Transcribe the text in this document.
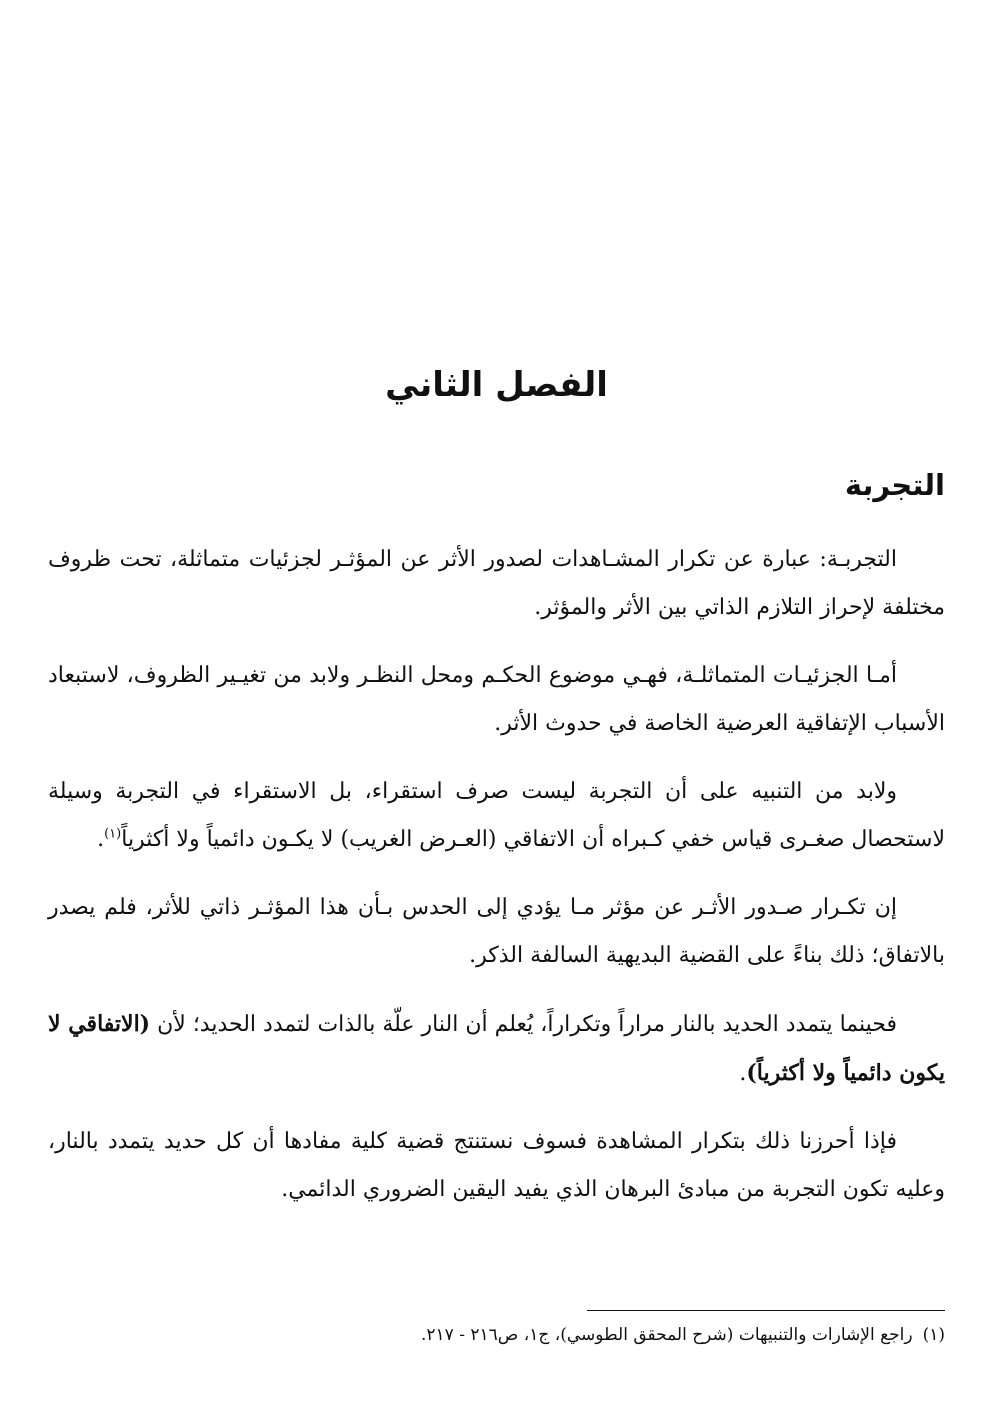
الفصل الثاني
التجربة

التجربـة: عبارة عن تكرار المشـاهدات لصدور الأثر عن المؤثـر لجزئيات متماثلة، تحت ظروف مختلفة لإحراز التلازم الذاتي بين الأثر والمؤثر.

أمـا الجزئيـات المتماثلـة، فهـي موضوع الحكـم ومحل النظـر ولابد من تغيـير الظروف، لاستبعاد الأسباب الإتفاقية العرضية الخاصة في حدوث الأثر.

ولابد من التنبيه على أن التجربة ليست صرف استقراء، بل الاستقراء في التجربة وسيلة لاستحصال صغـرى قياس خفي كـبراه أن الاتفاقي (العـرض الغريب) لا يكـون دائمياً ولا أكثرياً$^{(١)}$.

إن تكـرار صـدور الأثـر عن مؤثر مـا يؤدي إلى الحدس بـأن هذا المؤثـر ذاتي للأثر، فلم يصدر بالاتفاق؛ ذلك بناءً على القضية البديهية السالفة الذكر.

فحينما يتمدد الحديد بالنار مراراً وتكراراً، يُعلم أن النار علّة بالذات لتمدد الحديد؛ لأن (الاتفاقي لا يكون دائمياً ولا أكثرياً).

فإذا أحرزنا ذلك بتكرار المشاهدة فسوف نستنتج قضية كلية مفادها أن كل حديد يتمدد بالنار، وعليه تكون التجربة من مبادئ البرهان الذي يفيد اليقين الضروري الدائمي.

(١)راجع الإشارات والتنبيهات (شرح المحقق الطوسي)، ج١، ص٢١٦ - ٢١٧.
